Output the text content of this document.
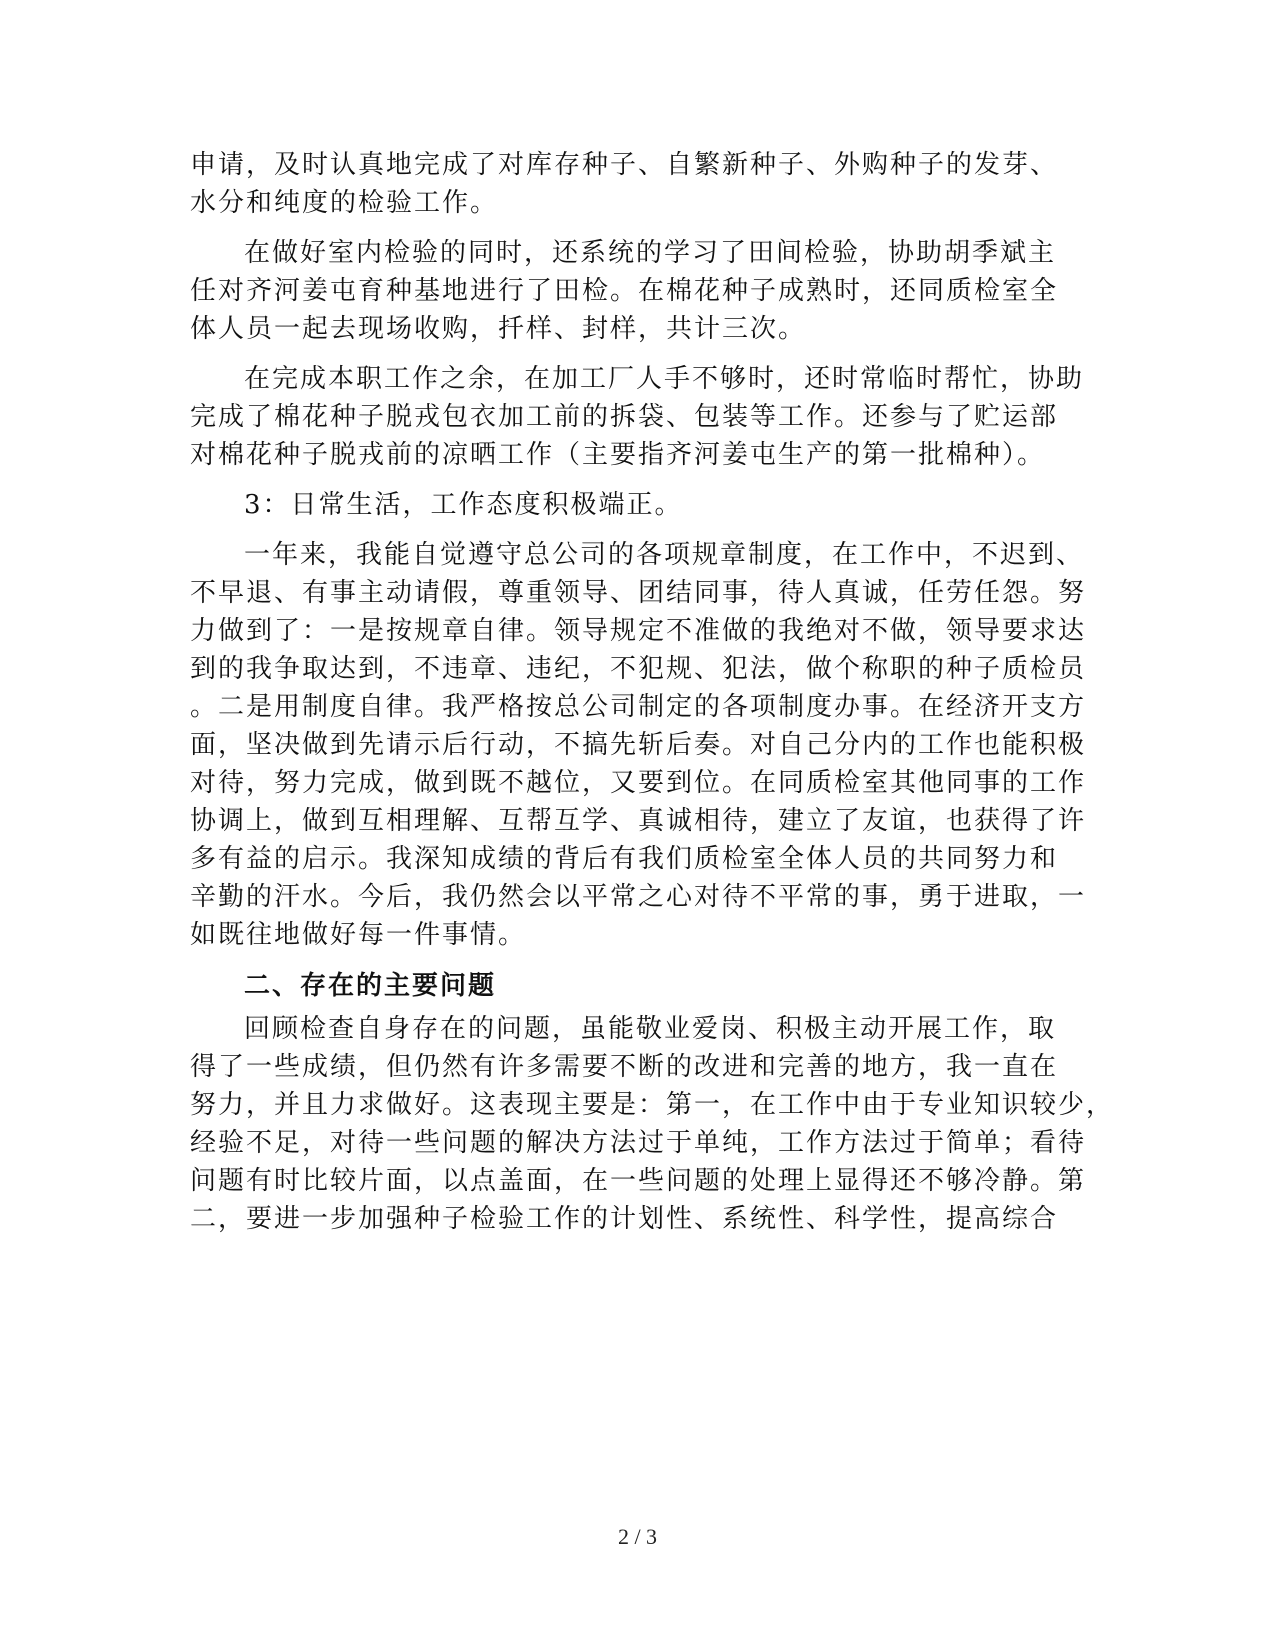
申请，及时认真地完成了对库存种子、自繁新种子、外购种子的发芽、

水分和纯度的检验工作。

在做好室内检验的同时，还系统的学习了田间检验，协助胡季斌主

任对齐河姜屯育种基地进行了田检。在棉花种子成熟时，还同质检室全

体人员一起去现场收购，扦样、封样，共计三次。

在完成本职工作之余，在加工厂人手不够时，还时常临时帮忙，协助

完成了棉花种子脱戎包衣加工前的拆袋、包装等工作。还参与了贮运部

对棉花种子脱戎前的凉晒工作（主要指齐河姜屯生产的第一批棉种）。

3：日常生活，工作态度积极端正。

一年来，我能自觉遵守总公司的各项规章制度，在工作中，不迟到、

不早退、有事主动请假，尊重领导、团结同事，待人真诚，任劳任怨。努

力做到了：一是按规章自律。领导规定不准做的我绝对不做，领导要求达

到的我争取达到，不违章、违纪，不犯规、犯法，做个称职的种子质检员

。二是用制度自律。我严格按总公司制定的各项制度办事。在经济开支方

面，坚决做到先请示后行动，不搞先斩后奏。对自己分内的工作也能积极

对待，努力完成，做到既不越位，又要到位。在同质检室其他同事的工作

协调上，做到互相理解、互帮互学、真诚相待，建立了友谊，也获得了许

多有益的启示。我深知成绩的背后有我们质检室全体人员的共同努力和

辛勤的汗水。今后，我仍然会以平常之心对待不平常的事，勇于进取，一

如既往地做好每一件事情。

二、存在的主要问题

回顾检查自身存在的问题，虽能敬业爱岗、积极主动开展工作，取

得了一些成绩，但仍然有许多需要不断的改进和完善的地方，我一直在

努力，并且力求做好。这表现主要是：第一，在工作中由于专业知识较少，

经验不足，对待一些问题的解决方法过于单纯，工作方法过于简单；看待

问题有时比较片面，以点盖面，在一些问题的处理上显得还不够冷静。第

二，要进一步加强种子检验工作的计划性、系统性、科学性，提高综合

2 / 3
